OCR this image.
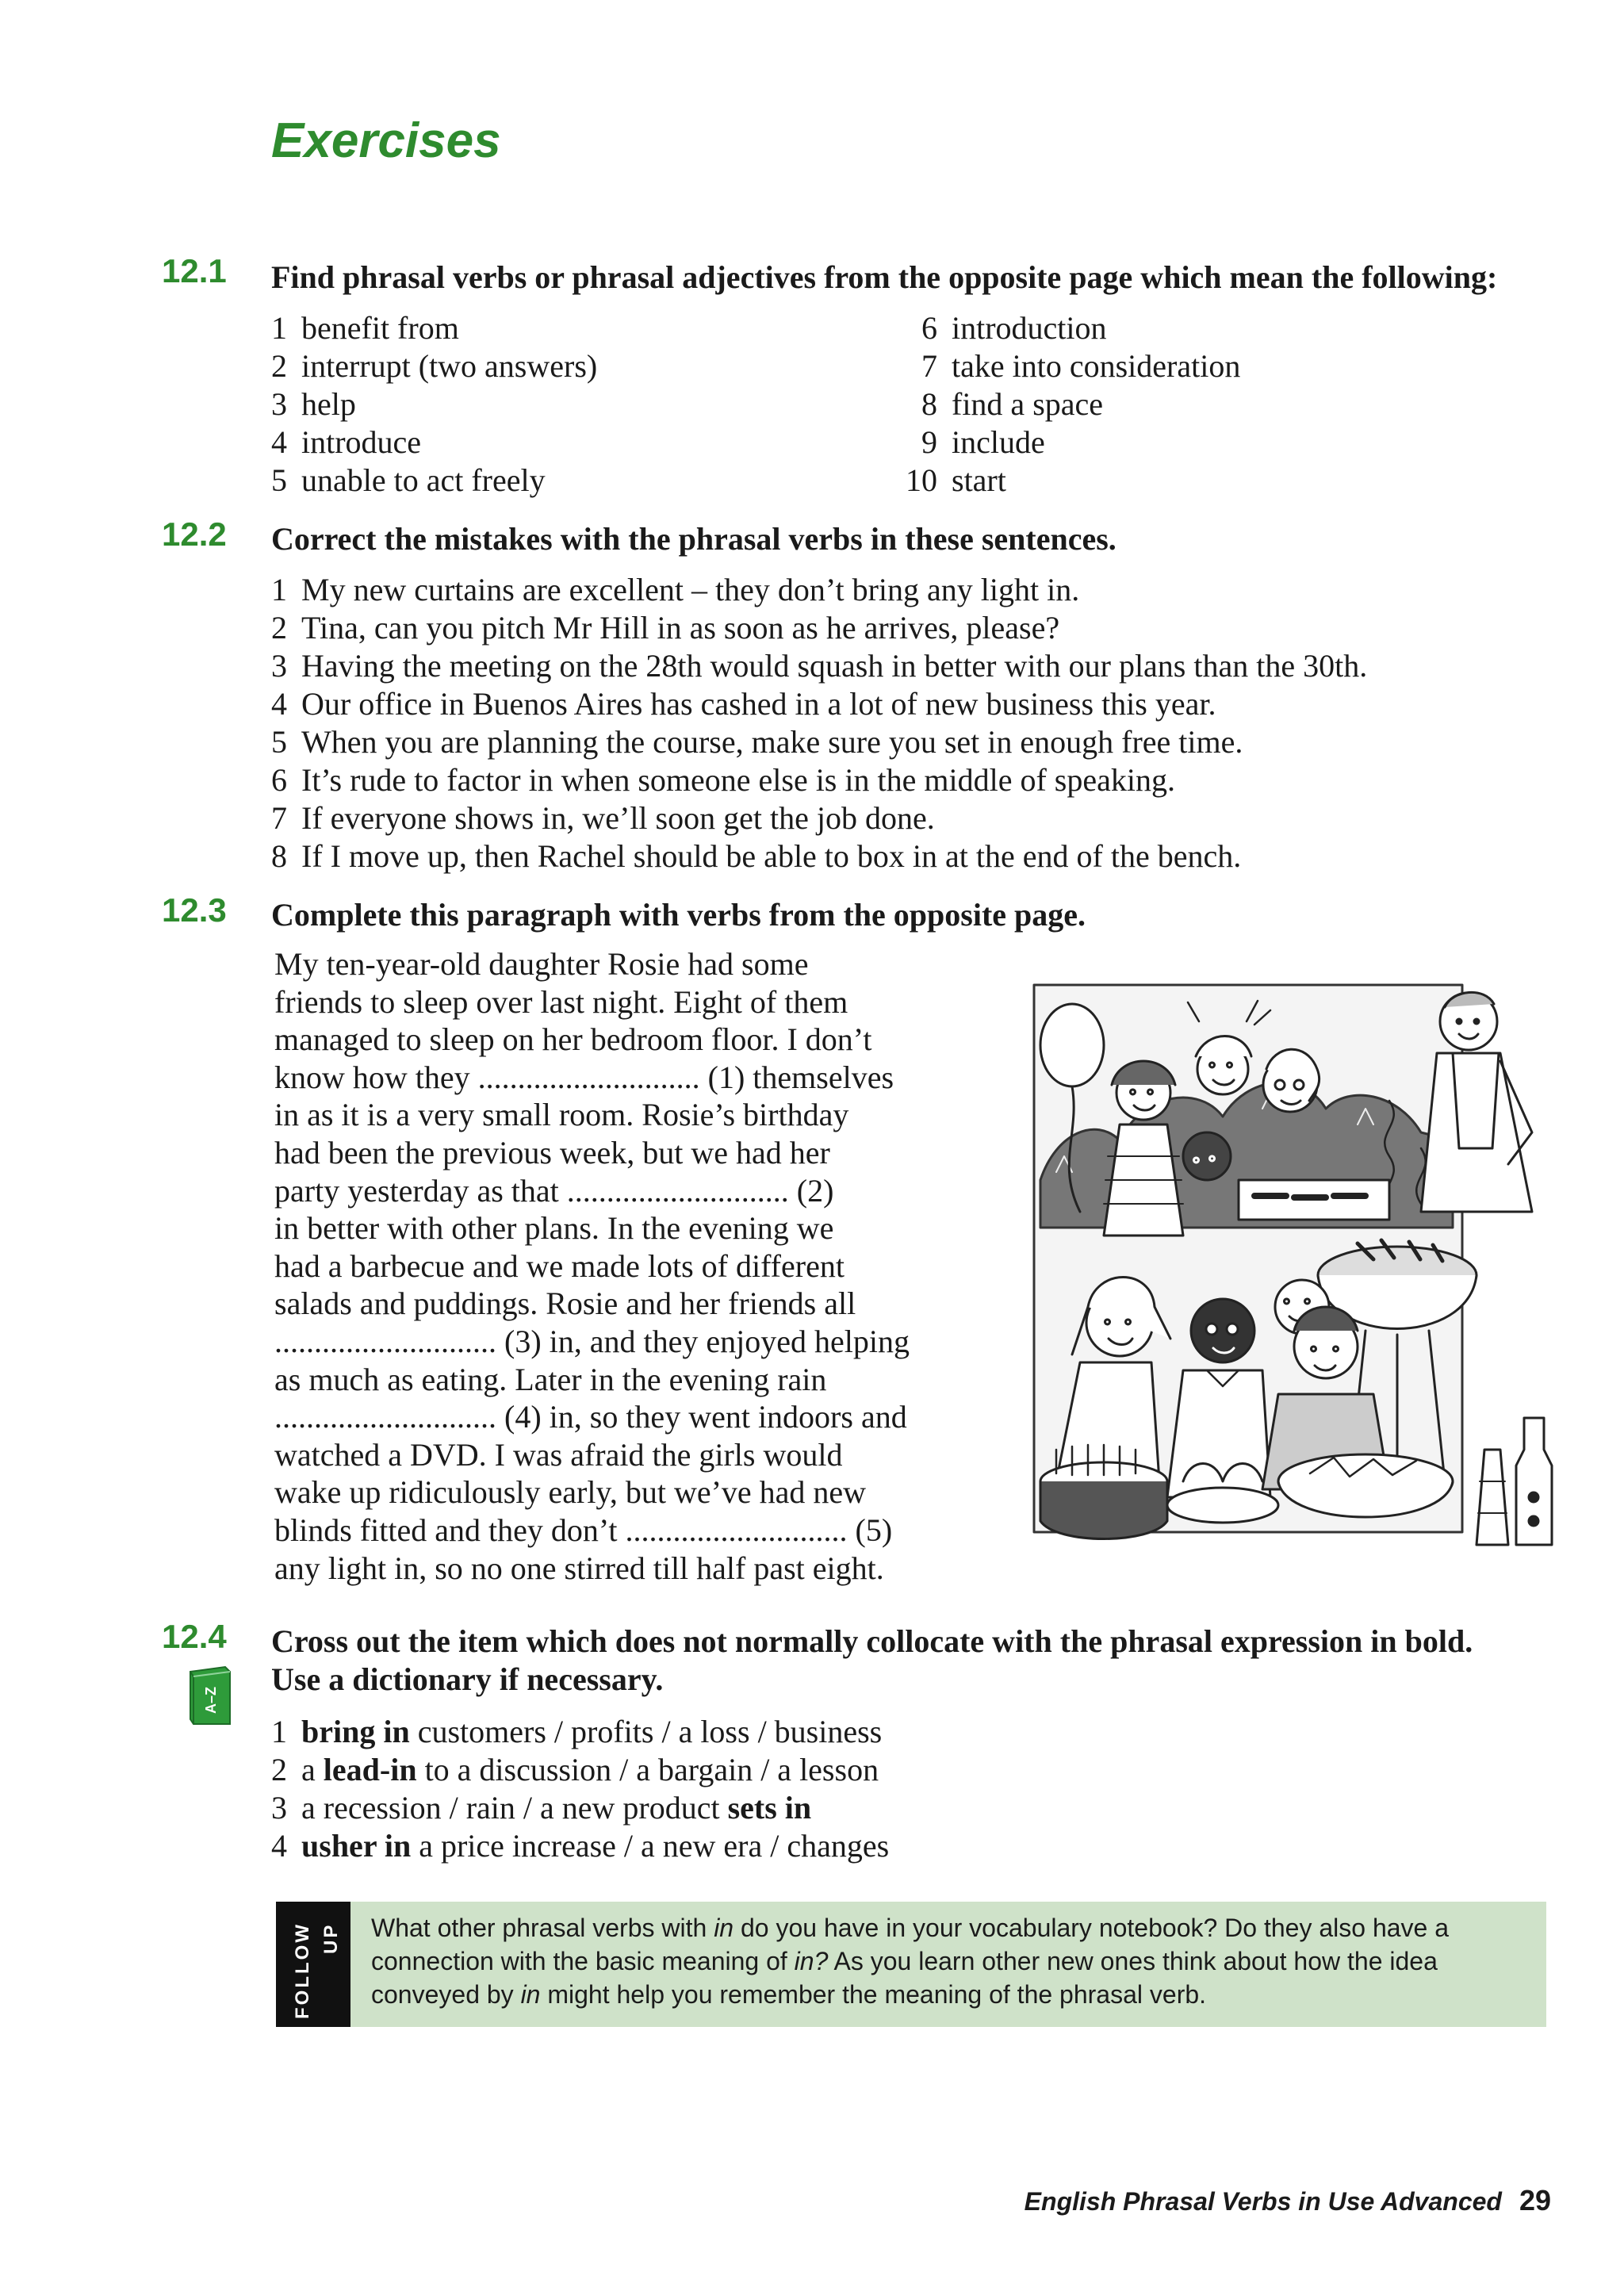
Exercises
12.1 Find phrasal verbs or phrasal adjectives from the opposite page which mean the following:
1 benefit from
2 interrupt (two answers)
3 help
4 introduce
5 unable to act freely
6 introduction
7 take into consideration
8 find a space
9 include
10 start
12.2 Correct the mistakes with the phrasal verbs in these sentences.
1 My new curtains are excellent – they don’t bring any light in.
2 Tina, can you pitch Mr Hill in as soon as he arrives, please?
3 Having the meeting on the 28th would squash in better with our plans than the 30th.
4 Our office in Buenos Aires has cashed in a lot of new business this year.
5 When you are planning the course, make sure you set in enough free time.
6 It’s rude to factor in when someone else is in the middle of speaking.
7 If everyone shows in, we’ll soon get the job done.
8 If I move up, then Rachel should be able to box in at the end of the bench.
12.3 Complete this paragraph with verbs from the opposite page.

My ten-year-old daughter Rosie had some
friends to sleep over last night. Eight of them
managed to sleep on her bedroom floor. I don’t
know how they ............................ (1) themselves
in as it is a very small room. Rosie’s birthday
had been the previous week, but we had her
party yesterday as that ............................ (2)
in better with other plans. In the evening we
had a barbecue and we made lots of different
salads and puddings. Rosie and her friends all
............................ (3) in, and they enjoyed helping
as much as eating. Later in the evening rain
............................ (4) in, so they went indoors and
watched a DVD. I was afraid the girls would
wake up ridiculously early, but we’ve had new
blinds fitted and they don’t ............................ (5)
any light in, so no one stirred till half past eight.

12.4 Cross out the item which does not normally collocate with the phrasal expression in bold.
Use a dictionary if necessary.
A–Z
1 bring in customers / profits / a loss / business
2 a lead-in to a discussion / a bargain / a lesson
3 a recession / rain / a new product sets in
4 usher in a price increase / a new era / changes
FOLLOW UP What other phrasal verbs with in do you have in your vocabulary notebook? Do they also have a connection with the basic meaning of in? As you learn other new ones think about how the idea conveyed by in might help you remember the meaning of the phrasal verb.

English Phrasal Verbs in Use Advanced 29
